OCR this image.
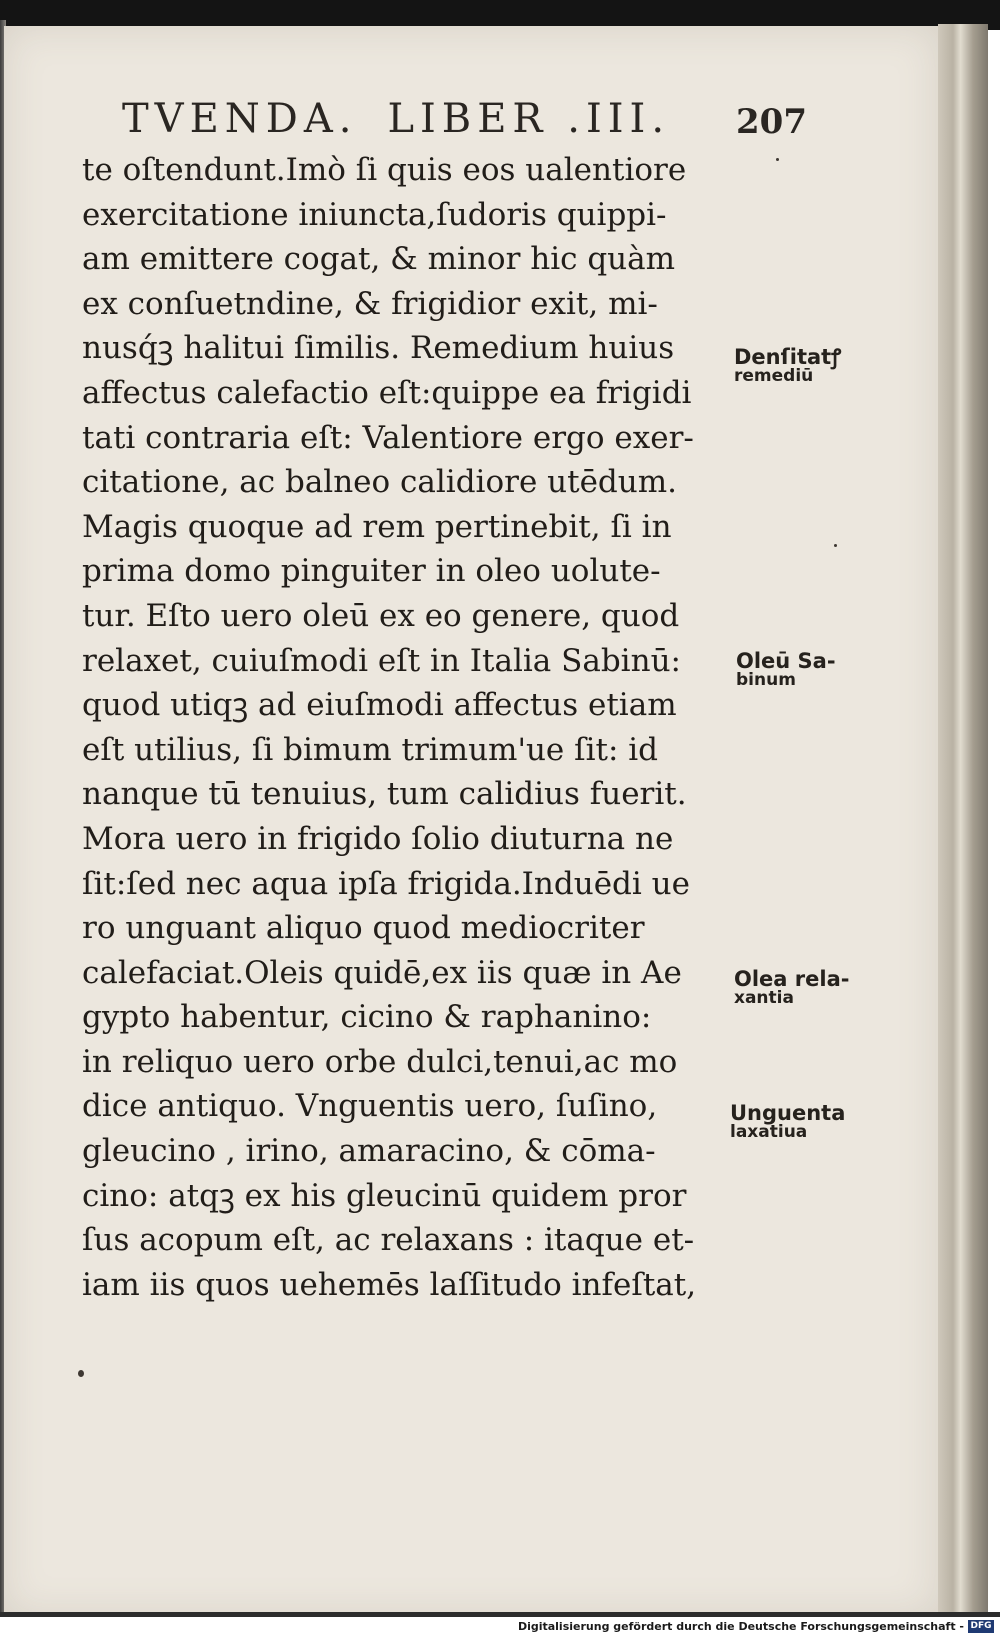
TVENDA. LIBER .III. 207
te oſtendunt.Imò ſi quis eos ualentiore
exercitatione iniuncta,ſudoris quippi-
am emittere cogat, & minor hic quàm
ex conſuetndine, & frigidior exit, mi-
nusq́ꝫ halitui ſimilis. Remedium huius
affectus calefactio eſt:quippe ea frigidi
tati contraria eſt: Valentiore ergo exer-
citatione, ac balneo calidiore utēdum.
Magis quoque ad rem pertinebit, ſi in
prima domo pinguiter in oleo uolute-
tur. Eſto uero oleū ex eo genere, quod
relaxet, cuiuſmodi eſt in Italia Sabinū:
quod utiqꝫ ad eiuſmodi affectus etiam
eſt utilius, ſi bimum trimum'ue ſit: id
nanque tū tenuius, tum calidius fuerit.
Mora uero in frigido ſolio diuturna ne
ſit:ſed nec aqua ipſa frigida.Induēdi ue
ro unguant aliquo quod mediocriter
calefaciat.Oleis quidē,ex iis quæ in Ae
gypto habentur, cicino & raphanino:
in reliquo uero orbe dulci,tenui,ac mo
dice antiquo. Vnguentis uero, ſuſino,
gleucino , irino, amaracino, & cōma-
cino: atqꝫ ex his gleucinū quidem pror
ſus acopum eſt, ac relaxans : itaque et-
iam iis quos uehemēs laſſitudo infeſtat,
Denſitatꝭ
remediū
Oleū Sa-
binum
Olea rela-
xantia
Unguenta
laxatiua
Digitalisierung gefördert durch die Deutsche Forschungsgemeinschaft - DFG
